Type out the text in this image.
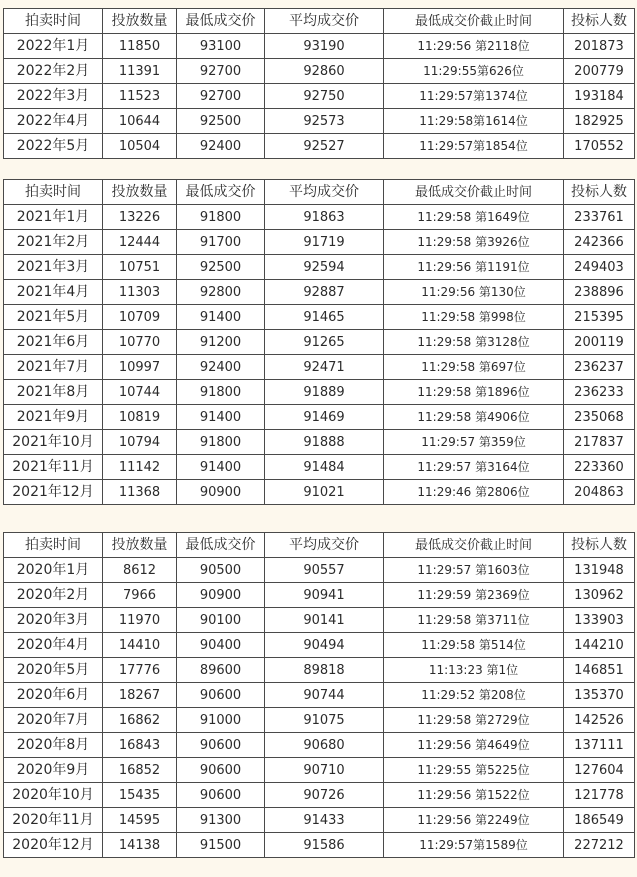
拍卖时间	投放数量	最低成交价	平均成交价	最低成交价截止时间	投标人数
2022年1月	11850	93100	93190	11:29:56 第2118位	201873
2022年2月	11391	92700	92860	11:29:55第626位	200779
2022年3月	11523	92700	92750	11:29:57第1374位	193184
2022年4月	10644	92500	92573	11:29:58第1614位	182925
2022年5月	10504	92400	92527	11:29:57第1854位	170552
拍卖时间	投放数量	最低成交价	平均成交价	最低成交价截止时间	投标人数
2021年1月	13226	91800	91863	11:29:58 第1649位	233761
2021年2月	12444	91700	91719	11:29:58 第3926位	242366
2021年3月	10751	92500	92594	11:29:56 第1191位	249403
2021年4月	11303	92800	92887	11:29:56 第130位	238896
2021年5月	10709	91400	91465	11:29:58 第998位	215395
2021年6月	10770	91200	91265	11:29:58 第3128位	200119
2021年7月	10997	92400	92471	11:29:58 第697位	236237
2021年8月	10744	91800	91889	11:29:58 第1896位	236233
2021年9月	10819	91400	91469	11:29:58 第4906位	235068
2021年10月	10794	91800	91888	11:29:57 第359位	217837
2021年11月	11142	91400	91484	11:29:57 第3164位	223360
2021年12月	11368	90900	91021	11:29:46 第2806位	204863
拍卖时间	投放数量	最低成交价	平均成交价	最低成交价截止时间	投标人数
2020年1月	8612	90500	90557	11:29:57 第1603位	131948
2020年2月	7966	90900	90941	11:29:59 第2369位	130962
2020年3月	11970	90100	90141	11:29:58 第3711位	133903
2020年4月	14410	90400	90494	11:29:58 第514位	144210
2020年5月	17776	89600	89818	11:13:23 第1位	146851
2020年6月	18267	90600	90744	11:29:52 第208位	135370
2020年7月	16862	91000	91075	11:29:58 第2729位	142526
2020年8月	16843	90600	90680	11:29:56 第4649位	137111
2020年9月	16852	90600	90710	11:29:55 第5225位	127604
2020年10月	15435	90600	90726	11:29:56 第1522位	121778
2020年11月	14595	91300	91433	11:29:56 第2249位	186549
2020年12月	14138	91500	91586	11:29:57第1589位	227212
